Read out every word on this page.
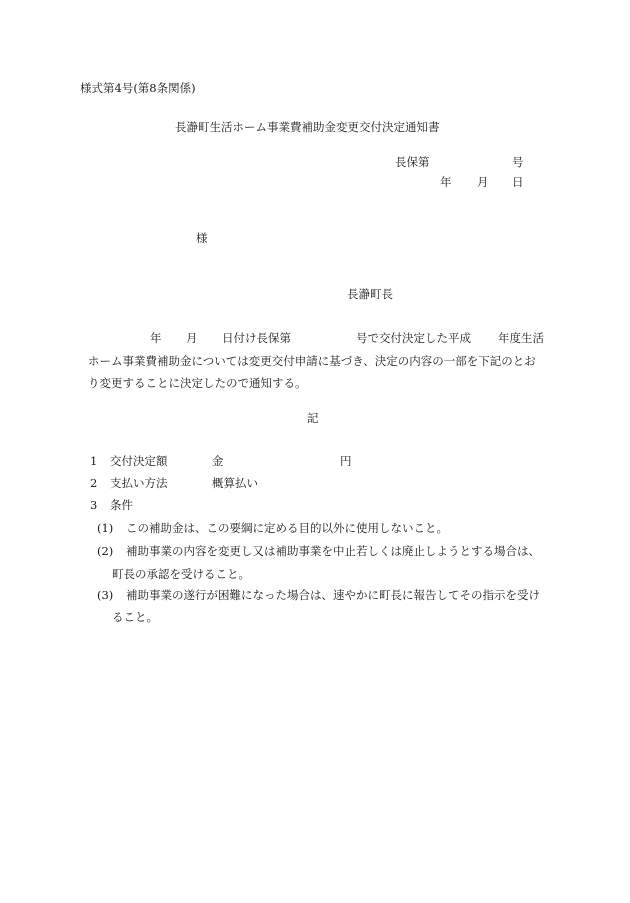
様式第4号(第8条関係)
長瀞町生活ホーム事業費補助金変更交付決定通知書
長保第	号
年 月 日
様
長瀞町長
年 月 日付け長保第	号で交付決定した平成 年度生活
ホーム事業費補助金については変更交付申請に基づき、決定の内容の一部を下記のとお
り変更することに決定したので通知する。
記
1 交付決定額	金	円
2 支払い方法	概算払い
3 条件
(1) この補助金は、この要綱に定める目的以外に使用しないこと。
(2) 補助事業の内容を変更し又は補助事業を中止若しくは廃止しようとする場合は、
町長の承認を受けること。
(3) 補助事業の遂行が困難になった場合は、速やかに町長に報告してその指示を受け
ること。
